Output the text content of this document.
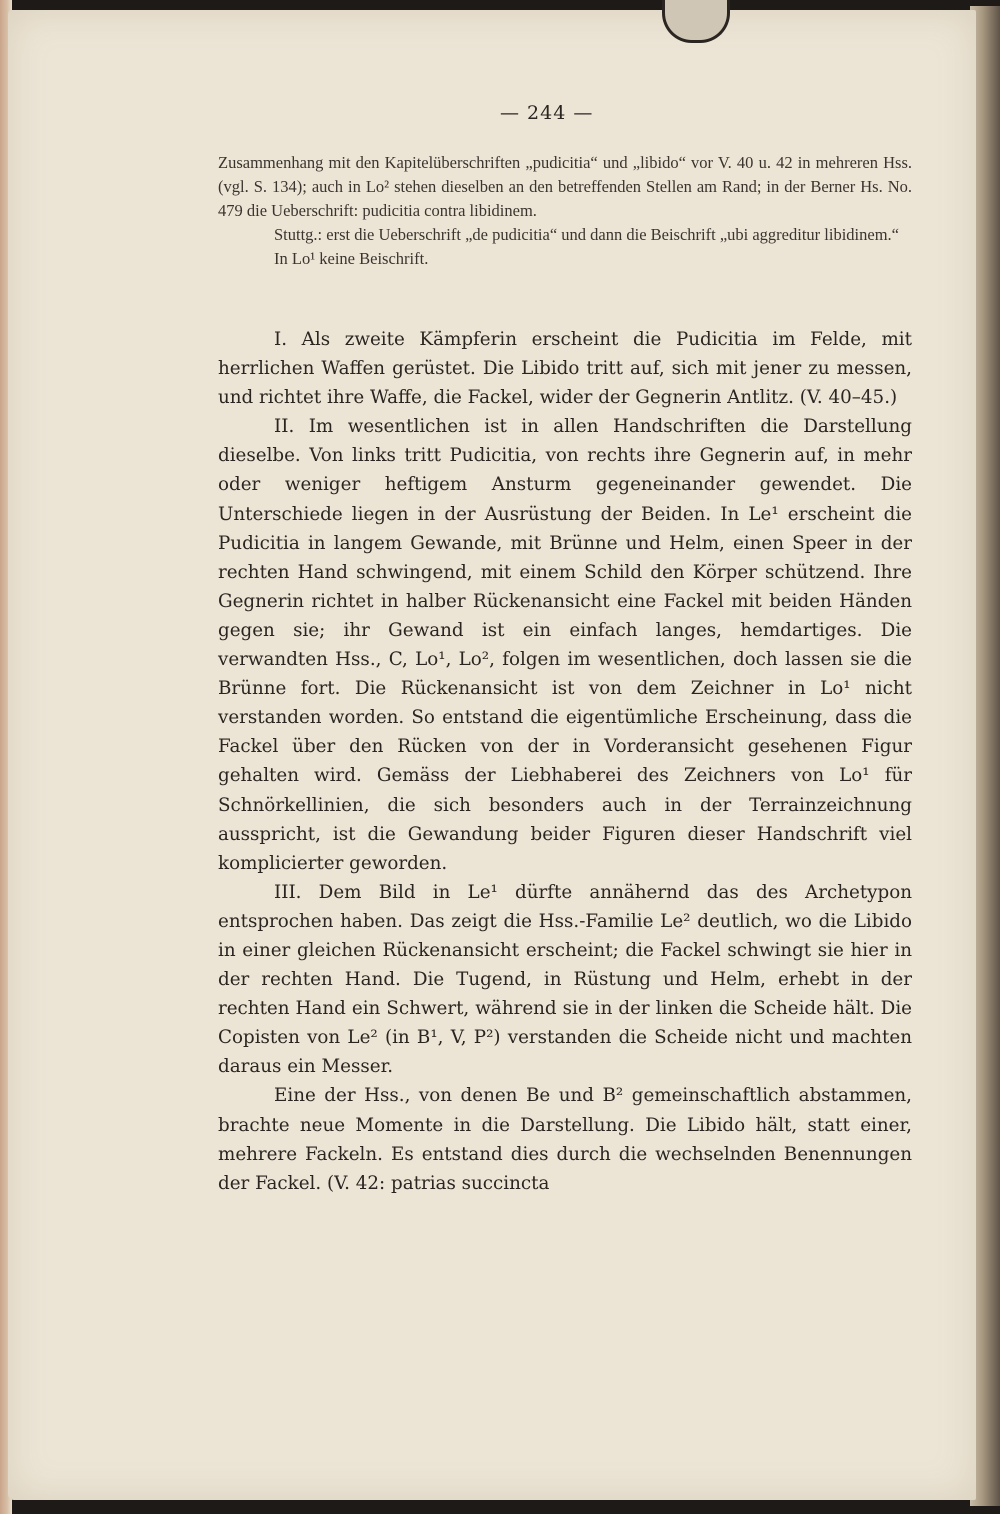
— 244 —

Zusammenhang mit den Kapitelüberschriften „pudicitia“ und „libido“ vor V. 40 u. 42 in mehreren Hss. (vgl. S. 134); auch in Lo² stehen dieselben an den betreffenden Stellen am Rand; in der Berner Hs. No. 479 die Ueberschrift: pudicitia contra libidinem.

Stuttg.: erst die Ueberschrift „de pudicitia“ und dann die Beischrift „ubi aggreditur libidinem.“

In Lo¹ keine Beischrift.

I. Als zweite Kämpferin erscheint die Pudicitia im Felde, mit herrlichen Waffen gerüstet. Die Libido tritt auf, sich mit jener zu messen, und richtet ihre Waffe, die Fackel, wider der Gegnerin Antlitz. (V. 40–45.)

II. Im wesentlichen ist in allen Handschriften die Darstellung dieselbe. Von links tritt Pudicitia, von rechts ihre Gegnerin auf, in mehr oder weniger heftigem Ansturm gegeneinander gewendet. Die Unterschiede liegen in der Ausrüstung der Beiden. In Le¹ erscheint die Pudicitia in langem Gewande, mit Brünne und Helm, einen Speer in der rechten Hand schwingend, mit einem Schild den Körper schützend. Ihre Gegnerin richtet in halber Rückenansicht eine Fackel mit beiden Händen gegen sie; ihr Gewand ist ein einfach langes, hemdartiges. Die verwandten Hss., C, Lo¹, Lo², folgen im wesentlichen, doch lassen sie die Brünne fort. Die Rückenansicht ist von dem Zeichner in Lo¹ nicht verstanden worden. So entstand die eigentümliche Erscheinung, dass die Fackel über den Rücken von der in Vorderansicht gesehenen Figur gehalten wird. Gemäss der Liebhaberei des Zeichners von Lo¹ für Schnörkellinien, die sich besonders auch in der Terrainzeichnung ausspricht, ist die Gewandung beider Figuren dieser Handschrift viel komplicierter geworden.

III. Dem Bild in Le¹ dürfte annähernd das des Archetypon entsprochen haben. Das zeigt die Hss.-Familie Le² deutlich, wo die Libido in einer gleichen Rückenansicht erscheint; die Fackel schwingt sie hier in der rechten Hand. Die Tugend, in Rüstung und Helm, erhebt in der rechten Hand ein Schwert, während sie in der linken die Scheide hält. Die Copisten von Le² (in B¹, V, P²) verstanden die Scheide nicht und machten daraus ein Messer.

Eine der Hss., von denen Be und B² gemeinschaftlich abstammen, brachte neue Momente in die Darstellung. Die Libido hält, statt einer, mehrere Fackeln. Es entstand dies durch die wechselnden Benennungen der Fackel. (V. 42: patrias succincta
